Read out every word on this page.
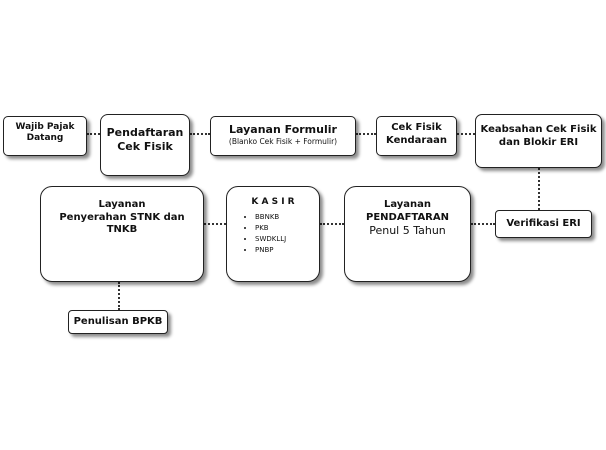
Wajib Pajak
Datang	Pendaftaran
Cek Fisik
Layanan Formulir
(Blanko Cek Fisik + Formulir)
Cek Fisik
Kendaraan
Keabsahan Cek Fisik
dan Blokir ERI
Layanan
Penyerahan STNK dan
TNKB
K A S I R
• BBNKB
• PKB
• SWDKLLJ
• PNBP
Layanan
PENDAFTARAN
Penul 5 Tahun
Verifikasi ERI
Penulisan BPKB
